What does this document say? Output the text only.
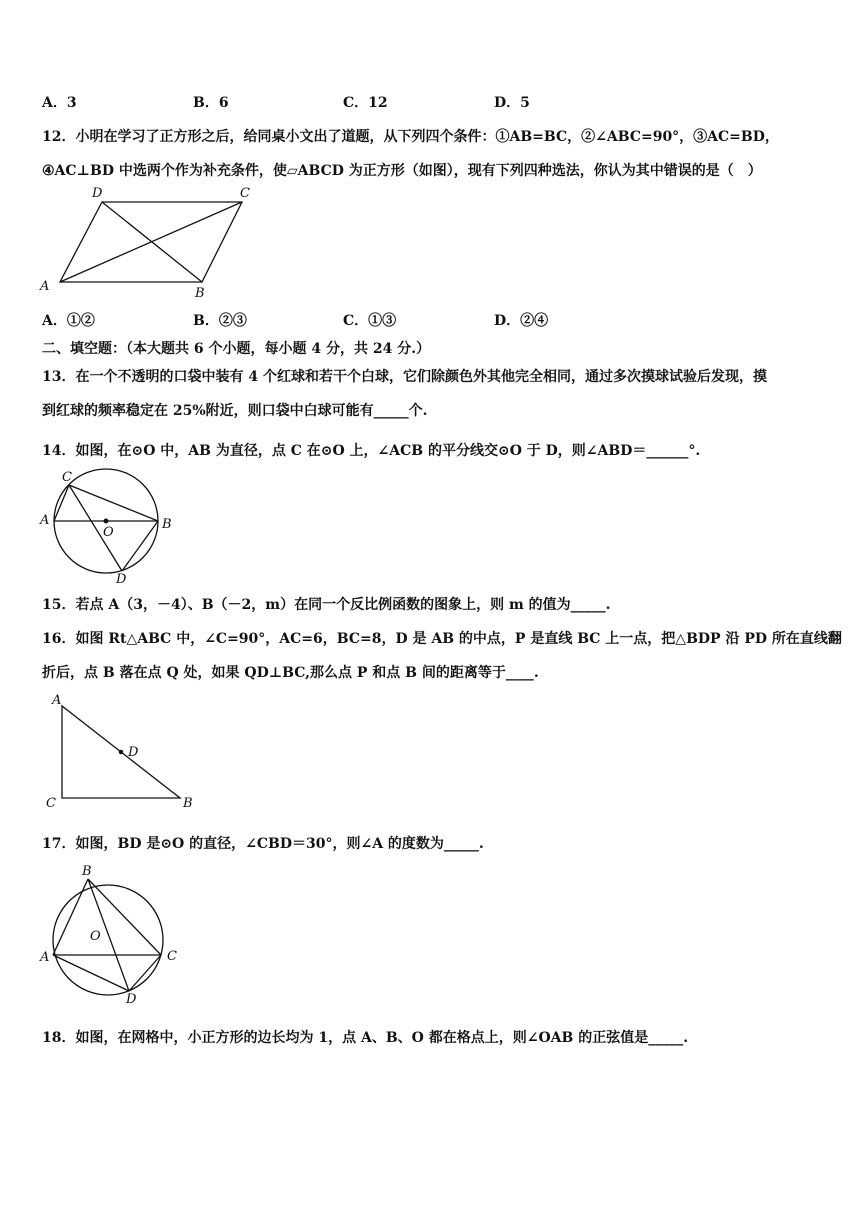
A．3	B．6	C．12	D．5
12．小明在学习了正方形之后，给同桌小文出了道题，从下列四个条件：①AB=BC，②∠ABC=90°，③AC=BD，
④AC⊥BD 中选两个作为补充条件，使▱ABCD 为正方形（如图），现有下列四种选法，你认为其中错误的是（　）
A	B
C
D
A．①②	B．②③	C．①③	D．②④
二、填空题：（本大题共 6 个小题，每小题 4 分，共 24 分.）
13．在一个不透明的口袋中装有 4 个红球和若干个白球，它们除颜色外其他完全相同，通过多次摸球试验后发现，摸
到红球的频率稳定在 25%附近，则口袋中白球可能有_____个.
14．如图，在⊙O 中，AB 为直径，点 C 在⊙O 上，∠ACB 的平分线交⊙O 于 D，则∠ABD＝______°.
A	B
C
D
O
15．若点 A（3，－4）、B（－2，m）在同一个反比例函数的图象上，则 m 的值为_____.
16．如图 Rt△ABC 中，∠C=90°，AC=6，BC=8，D 是 AB 的中点，P 是直线 BC 上一点，把△BDP 沿 PD 所在直线翻
折后，点 B 落在点 Q 处，如果 QD⊥BC,那么点 P 和点 B 间的距离等于____.
A
B
C
D
17．如图，BD 是⊙O 的直径，∠CBD＝30°，则∠A 的度数为_____.
A
B
C
D
O
18．如图，在网格中，小正方形的边长均为 1，点 A、B、O 都在格点上，则∠OAB 的正弦值是_____.
